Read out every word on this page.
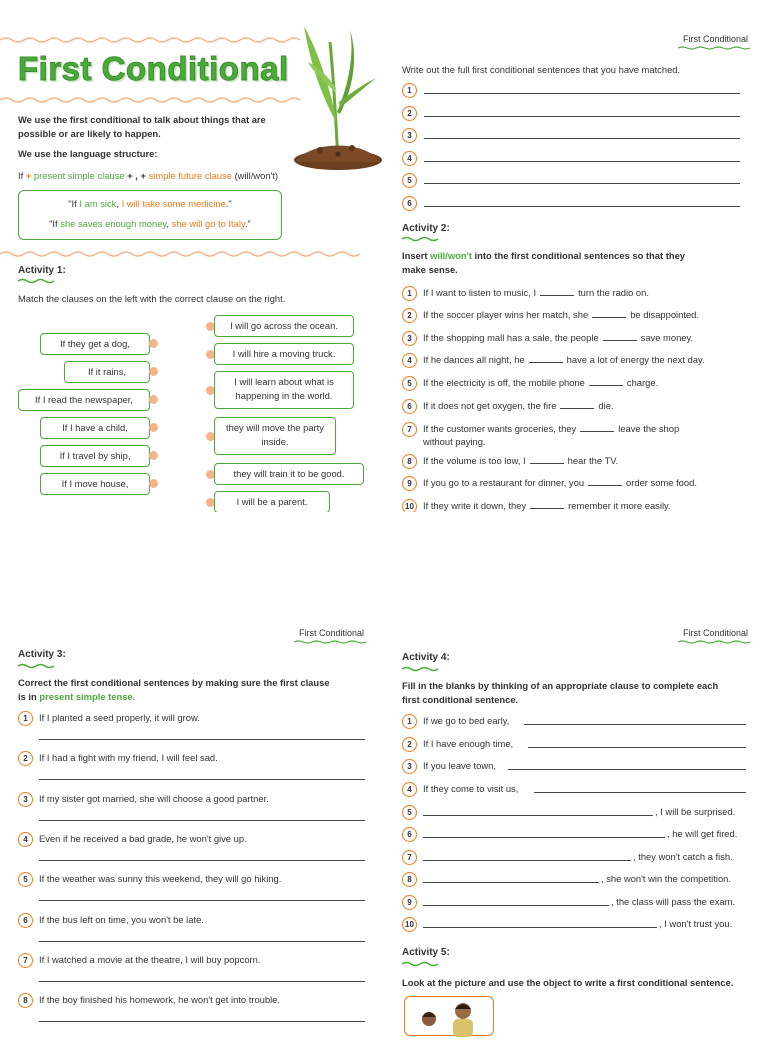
First Conditional
We use the first conditional to talk about things that are
possible or are likely to happen.
We use the language structure:
If + present simple clause + , + simple future clause (will/won't)
"If I am sick, I will take some medicine."
"If she saves enough money, she will go to Italy."
Activity 1:
Match the clauses on the left with the correct clause on the right.
If they get a dog,
If it rains,
If I read the newspaper,
If I have a child,
If I travel by ship,
If I move house,
I will go across the ocean.
I will hire a moving truck.
I will learn about what is happening in the world.
they will move the party inside.
they will train it to be good.
I will be a parent.
First Conditional
Write out the full first conditional sentences that you have matched.
1
2
3
4
5
6
Activity 2:
Insert will/won't into the first conditional sentences so that they
make sense.
1	If I want to listen to music, I	turn the radio on.
2	If the soccer player wins her match, she	be disappointed.
3	If the shopping mall has a sale, the people	save money.
4	If he dances all night, he	have a lot of energy the next day.
5	If the electricity is off, the mobile phone	charge.
6	If it does not get oxygen, the fire	die.
7	If the customer wants groceries, they	leave the shop
without paying.
8	If the volume is too low, I	hear the TV.
9	If you go to a restaurant for dinner, you	order some food.
10 If they write it down, they	remember it more easily.
First Conditional
Activity 3:
Correct the first conditional sentences by making sure the first clause
is in present simple tense.
1	If I planted a seed properly, it will grow.
2	If I had a fight with my friend, I will feel sad.
3	If my sister got married, she will choose a good partner.
4	Even if he received a bad grade, he won't give up.
5	If the weather was sunny this weekend, they will go hiking.
6	If the bus left on time, you won't be late.
7	If I watched a movie at the theatre, I will buy popcorn.
8	If the boy finished his homework, he won't get into trouble.
First Conditional
Activity 4:
Fill in the blanks by thinking of an appropriate clause to complete each
first conditional sentence.
1	If we go to bed early,
2	If I have enough time,
3	If you leave town,
4	If they come to visit us,
5	, I will be surprised.
6	, he will get fired.
7	, they won't catch a fish.
8	, she won't win the competition.
9	, the class will pass the exam.
10	, I won't trust you.
Activity 5:
Look at the picture and use the object to write a first conditional sentence.
